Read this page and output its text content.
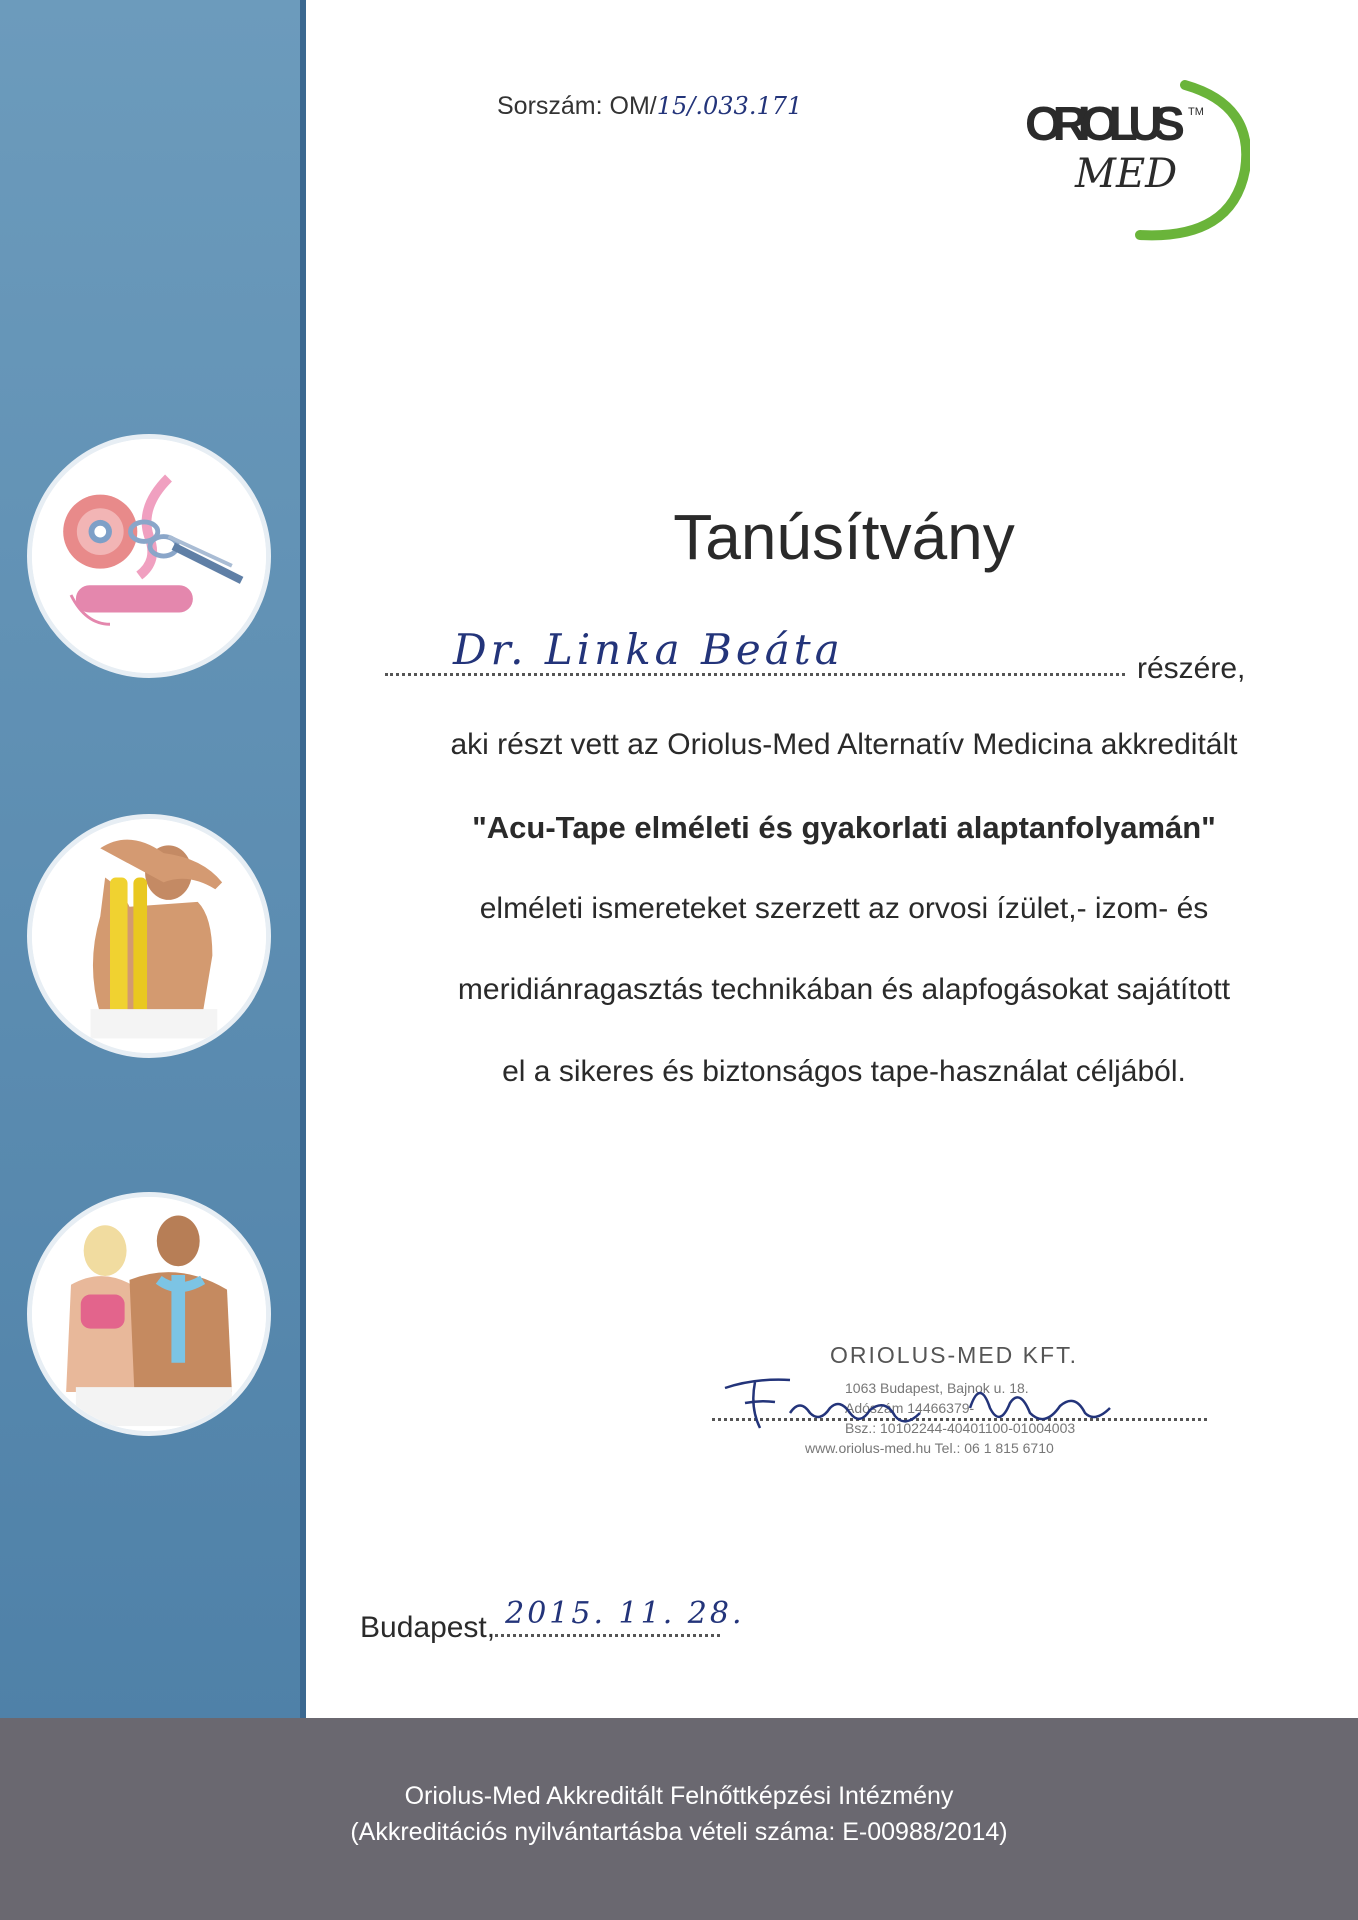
Sorszám: OM/15/.033.171	ORIOLUS TM
MED
Tanúsítvány
Dr. Linka Beáta	részére,
aki részt vett az Oriolus-Med Alternatív Medicina akkreditált
"Acu-Tape elméleti és gyakorlati alaptanfolyamán"
elméleti ismereteket szerzett az orvosi ízület,- izom- és
meridiánragasztás technikában és alapfogásokat sajátított
el a sikeres és biztonságos tape-használat céljából.
ORIOLUS-MED KFT.
1063 Budapest, Bajnok u. 18.
Adószám 14466379-
Bsz.: 10102244-40401100-01004003
www.oriolus-med.hu Tel.: 06 1 815 6710
Budapest, 2015. 11. 28.
Oriolus-Med Akkreditált Felnőttképzési Intézmény
(Akkreditációs nyilvántartásba vételi száma: E-00988/2014)
